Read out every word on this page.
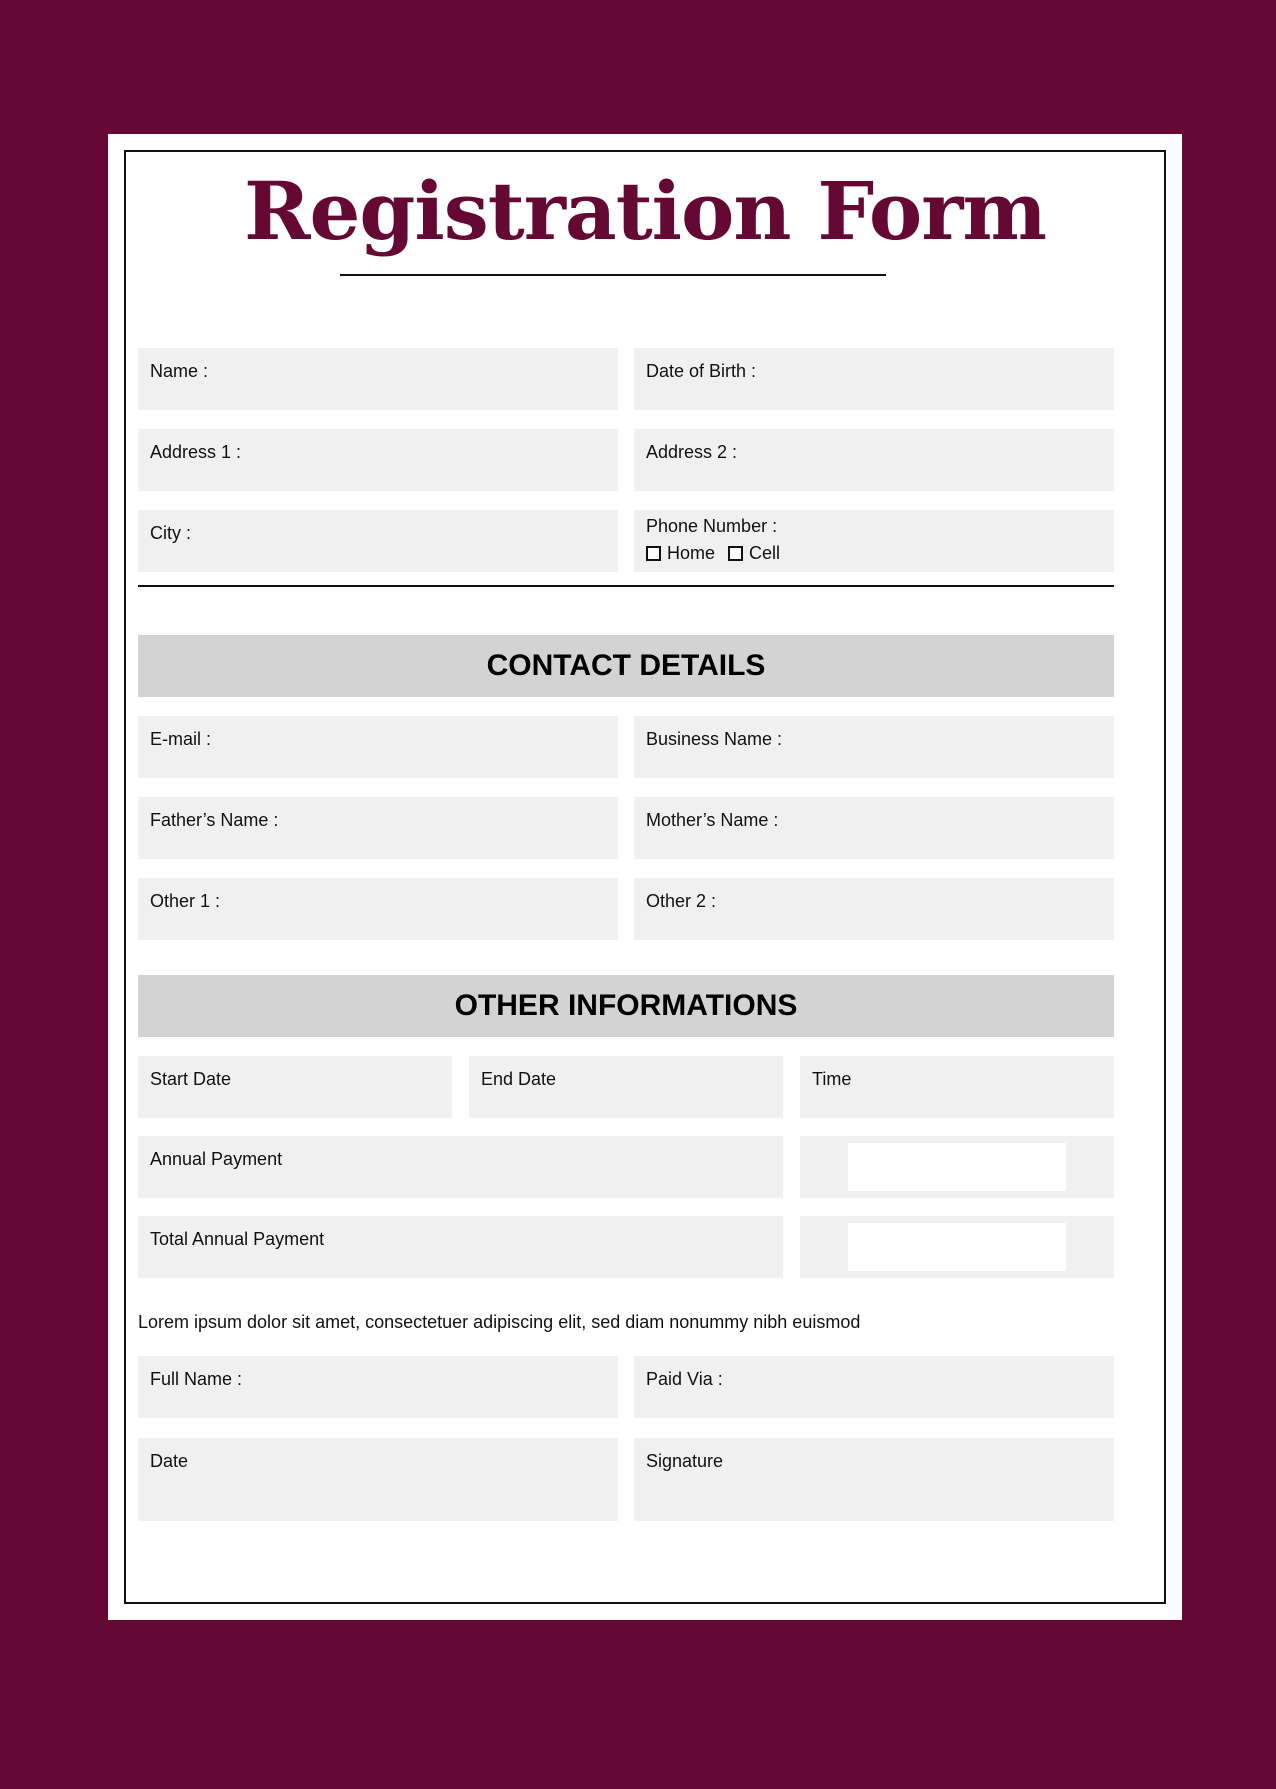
Registration Form
Name :	Date of Birth :
Address 1 :	Address 2 :
City :	Phone Number :
Home
Cell
CONTACT DETAILS
E-mail :	Business Name :
Father’s Name :	Mother’s Name :
Other 1 :	Other 2 :
OTHER INFORMATIONS
Start Date	End Date	Time
Annual Payment
Total Annual Payment
Lorem ipsum dolor sit amet, consectetuer adipiscing elit, sed diam nonummy nibh euismod
Full Name :	Paid Via :
Date	Signature
